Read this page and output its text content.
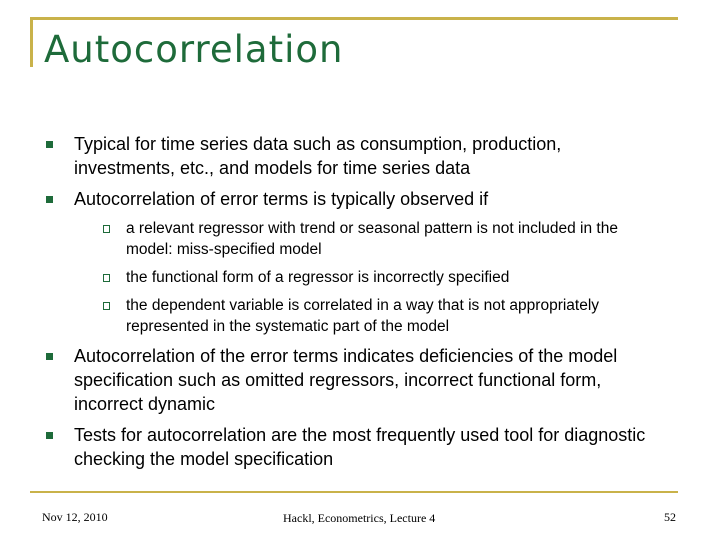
Autocorrelation
Typical for time series data such as consumption, production, investments, etc., and models for time series data
Autocorrelation of error terms is typically observed if
a relevant regressor with trend or seasonal pattern is not included in the model: miss-specified model
the functional form of a regressor is incorrectly specified
the dependent variable is correlated in a way that is not appropriately represented in the systematic part of the model
Autocorrelation of the error terms indicates deficiencies of the model specification such as omitted regressors, incorrect functional form, incorrect dynamic
Tests for autocorrelation are the most frequently used tool for diagnostic checking the model specification
Nov 12, 2010	Hackl, Econometrics, Lecture 4	52
